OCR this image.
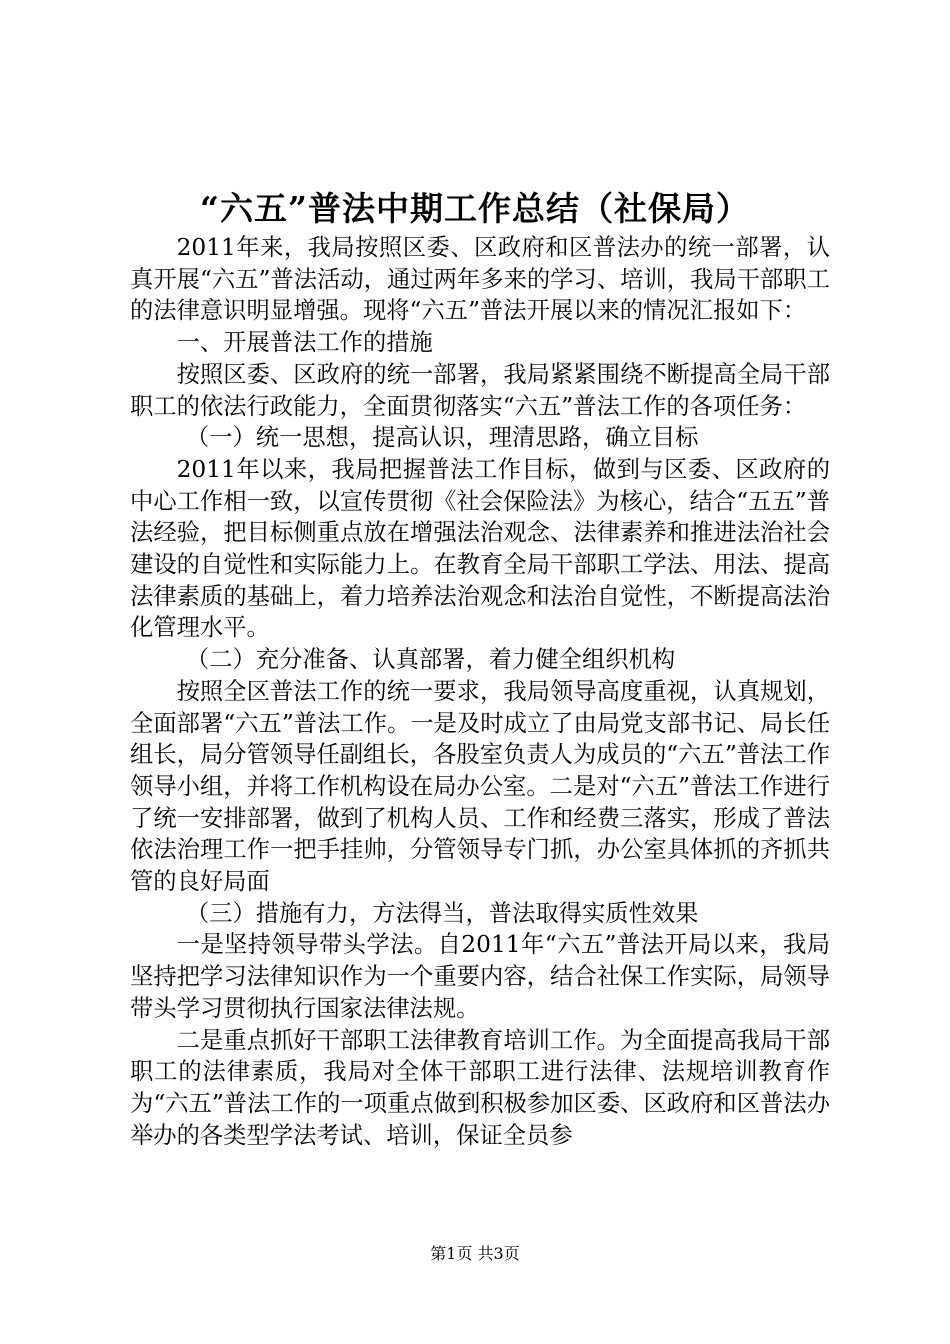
“六五”普法中期工作总结（社保局）

2011年来，我局按照区委、区政府和区普法办的统一部署，认真开展“六五”普法活动，通过两年多来的学习、培训，我局干部职工的法律意识明显增强。现将“六五”普法开展以来的情况汇报如下：

一、开展普法工作的措施

按照区委、区政府的统一部署，我局紧紧围绕不断提高全局干部职工的依法行政能力，全面贯彻落实“六五”普法工作的各项任务：

（一）统一思想，提高认识，理清思路，确立目标

2011年以来，我局把握普法工作目标，做到与区委、区政府的中心工作相一致，以宣传贯彻《社会保险法》为核心，结合“五五”普法经验，把目标侧重点放在增强法治观念、法律素养和推进法治社会建设的自觉性和实际能力上。在教育全局干部职工学法、用法、提高法律素质的基础上，着力培养法治观念和法治自觉性，不断提高法治化管理水平。

（二）充分准备、认真部署，着力健全组织机构

按照全区普法工作的统一要求，我局领导高度重视，认真规划，全面部署“六五”普法工作。一是及时成立了由局党支部书记、局长任组长，局分管领导任副组长，各股室负责人为成员的“六五”普法工作领导小组，并将工作机构设在局办公室。二是对“六五”普法工作进行了统一安排部署，做到了机构人员、工作和经费三落实，形成了普法依法治理工作一把手挂帅，分管领导专门抓，办公室具体抓的齐抓共管的良好局面

（三）措施有力，方法得当，普法取得实质性效果

一是坚持领导带头学法。自2011年“六五”普法开局以来，我局坚持把学习法律知识作为一个重要内容，结合社保工作实际，局领导带头学习贯彻执行国家法律法规。

二是重点抓好干部职工法律教育培训工作。为全面提高我局干部职工的法律素质，我局对全体干部职工进行法律、法规培训教育作为“六五”普法工作的一项重点做到积极参加区委、区政府和区普法办举办的各类型学法考试、培训，保证全员参

第1页 共3页
